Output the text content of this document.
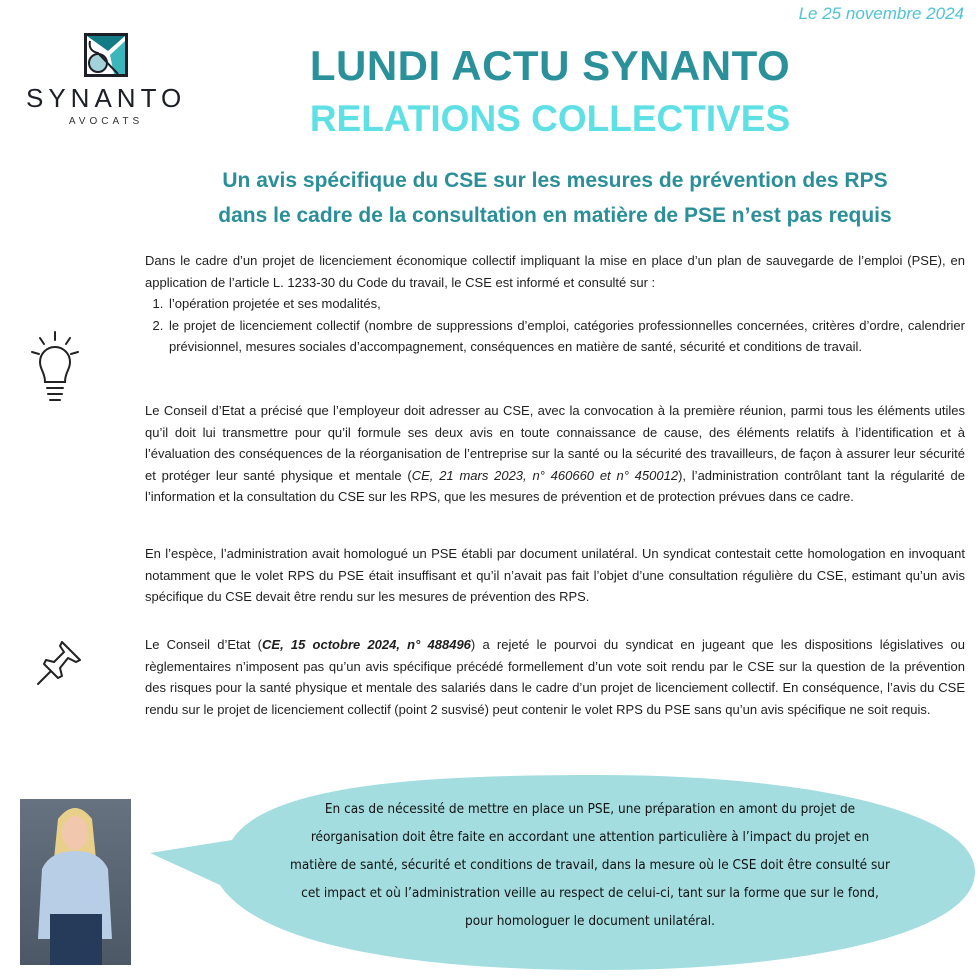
Le 25 novembre 2024
SYNANTO
AVOCATS
LUNDI ACTU SYNANTO
RELATIONS COLLECTIVES
Un avis spécifique du CSE sur les mesures de prévention des RPS
dans le cadre de la consultation en matière de PSE n’est pas requis

Dans le cadre d’un projet de licenciement économique collectif impliquant la mise en place d’un plan de sauvegarde de l’emploi (PSE), en application de l’article L. 1233-30 du Code du travail, le CSE est informé et consulté sur :

1. l’opération projetée et ses modalités,
2. le projet de licenciement collectif (nombre de suppressions d’emploi, catégories professionnelles concernées, critères d’ordre, calendrier prévisionnel, mesures sociales d’accompagnement, conséquences en matière de santé, sécurité et conditions de travail.

Le Conseil d’Etat a précisé que l’employeur doit adresser au CSE, avec la convocation à la première réunion, parmi tous les éléments utiles qu’il doit lui transmettre pour qu’il formule ses deux avis en toute connaissance de cause, des éléments relatifs à l’identification et à l’évaluation des conséquences de la réorganisation de l’entreprise sur la santé ou la sécurité des travailleurs, de façon à assurer leur sécurité et protéger leur santé physique et mentale (CE, 21 mars 2023, n° 460660 et n° 450012), l’administration contrôlant tant la régularité de l’information et la consultation du CSE sur les RPS, que les mesures de prévention et de protection prévues dans ce cadre.

En l’espèce, l’administration avait homologué un PSE établi par document unilatéral. Un syndicat contestait cette homologation en invoquant notamment que le volet RPS du PSE était insuffisant et qu’il n’avait pas fait l’objet d’une consultation régulière du CSE, estimant qu’un avis spécifique du CSE devait être rendu sur les mesures de prévention des RPS.

Le Conseil d’Etat (CE, 15 octobre 2024, n° 488496) a rejeté le pourvoi du syndicat en jugeant que les dispositions législatives ou règlementaires n’imposent pas qu’un avis spécifique précédé formellement d’un vote soit rendu par le CSE sur la question de la prévention des risques pour la santé physique et mentale des salariés dans le cadre d’un projet de licenciement collectif. En conséquence, l’avis du CSE rendu sur le projet de licenciement collectif (point 2 susvisé) peut contenir le volet RPS du PSE sans qu’un avis spécifique ne soit requis.

En cas de nécessité de mettre en place un PSE, une préparation en amont du projet de réorganisation doit être faite en accordant une attention particulière à l’impact du projet en matière de santé, sécurité et conditions de travail, dans la mesure où le CSE doit être consulté sur cet impact et où l’administration veille au respect de celui-ci, tant sur la forme que sur le fond, pour homologuer le document unilatéral.
